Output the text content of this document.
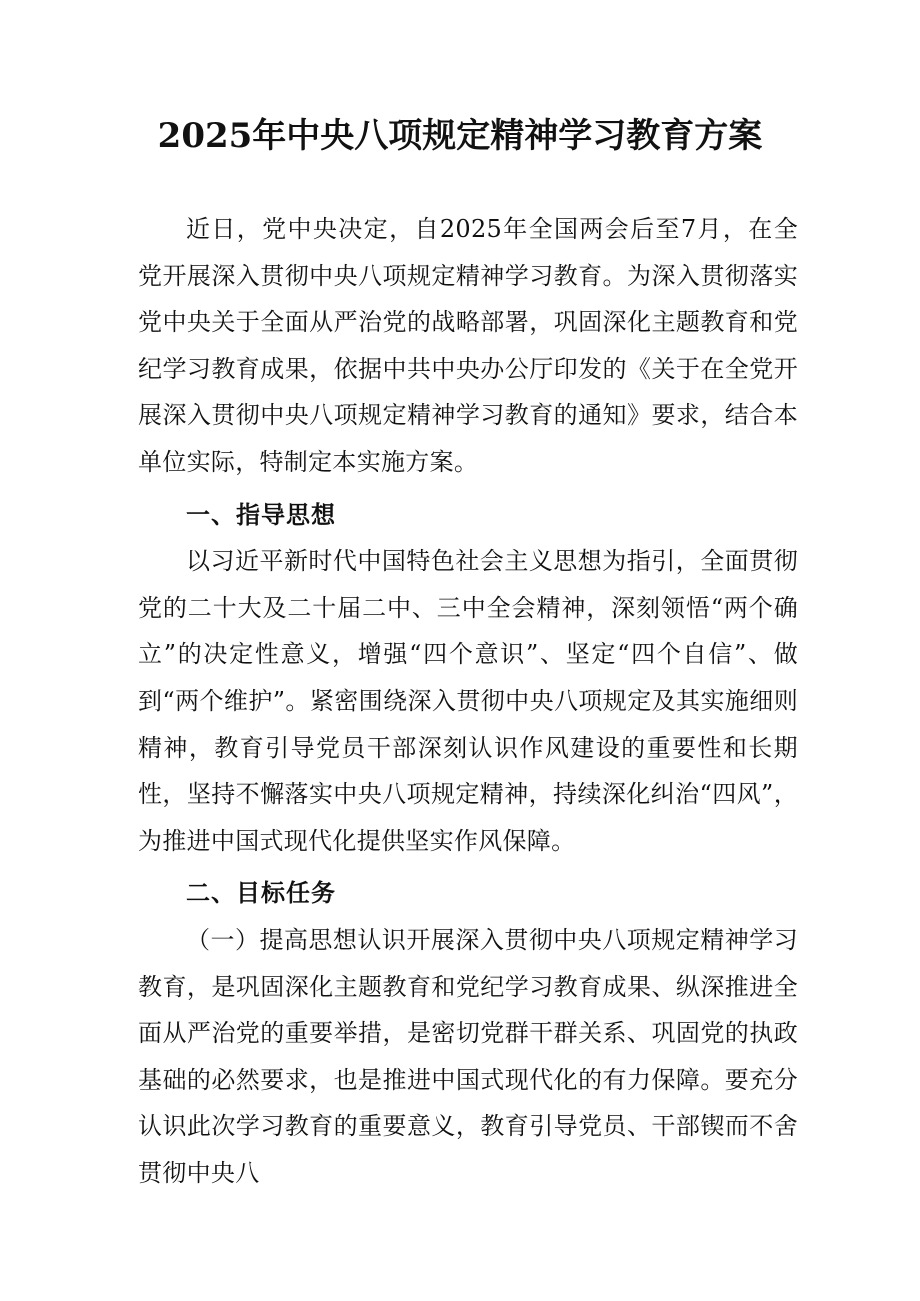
2025年中央八项规定精神学习教育方案

近日，党中央决定，自2025年全国两会后至7月，在全党开展深入贯彻中央八项规定精神学习教育。为深入贯彻落实党中央关于全面从严治党的战略部署，巩固深化主题教育和党纪学习教育成果，依据中共中央办公厅印发的《关于在全党开展深入贯彻中央八项规定精神学习教育的通知》要求，结合本单位实际，特制定本实施方案。

一、指导思想

以习近平新时代中国特色社会主义思想为指引，全面贯彻党的二十大及二十届二中、三中全会精神，深刻领悟“两个确立”的决定性意义，增强“四个意识”、坚定“四个自信”、做到“两个维护”。紧密围绕深入贯彻中央八项规定及其实施细则精神，教育引导党员干部深刻认识作风建设的重要性和长期性，坚持不懈落实中央八项规定精神，持续深化纠治“四风”，为推进中国式现代化提供坚实作风保障。

二、目标任务

（一）提高思想认识开展深入贯彻中央八项规定精神学习教育，是巩固深化主题教育和党纪学习教育成果、纵深推进全面从严治党的重要举措，是密切党群干群关系、巩固党的执政基础的必然要求，也是推进中国式现代化的有力保障。要充分认识此次学习教育的重要意义，教育引导党员、干部锲而不舍贯彻中央八
